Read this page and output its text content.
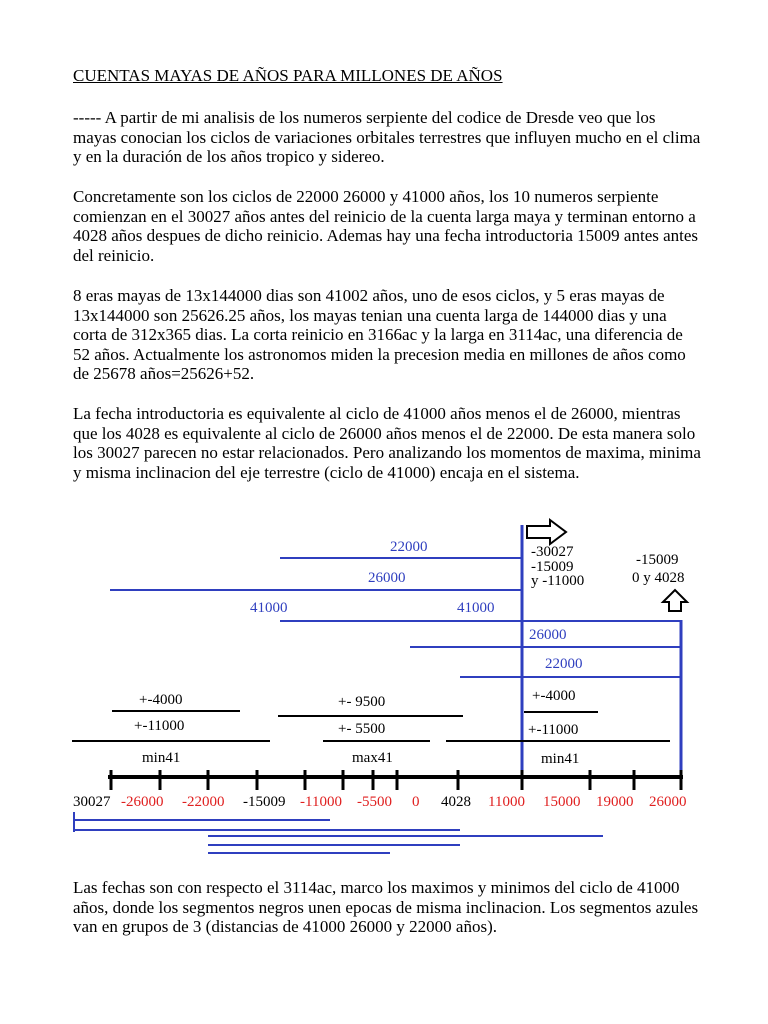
CUENTAS MAYAS DE AÑOS PARA MILLONES DE AÑOS

----- A partir de mi analisis de los numeros serpiente del codice de Dresde veo que los mayas conocian los ciclos de variaciones orbitales terrestres que influyen mucho en el clima y en la duración de los años tropico y sidereo.

Concretamente son los ciclos de 22000 26000 y 41000 años, los 10 numeros serpiente comienzan en el 30027 años antes del reinicio de la cuenta larga maya y terminan entorno a 4028 años despues de dicho reinicio. Ademas hay una fecha introductoria 15009 antes antes del reinicio.

8 eras mayas de 13x144000 dias son 41002 años, uno de esos ciclos, y 5 eras mayas de 13x144000 son 25626.25 años, los mayas tenian una cuenta larga de 144000 dias y una corta de 312x365 dias. La corta reinicio en 3166ac y la larga en 3114ac, una diferencia de 52 años. Actualmente los astronomos miden la precesion media en millones de años como de 25678 años=25626+52.

La fecha introductoria es equivalente al ciclo de 41000 años menos el de 26000, mientras que los 4028 es equivalente al ciclo de 26000 años menos el de 22000. De esta manera solo los 30027 parecen no estar relacionados. Pero analizando los momentos de maxima, minima y misma inclinacion del eje terrestre (ciclo de 41000) encaja en el sistema.

22000
26000
41000	41000
26000
22000
-30027
-15009
y -11000
-15009
0 y 4028
+-4000
+-11000
min41
+- 9500
+- 5500
max41
+-4000
+-11000
min41
30027 -26000 -22000 -15009 -11000 -5500 0 4028 11000 15000 19000 26000

Las fechas son con respecto el 3114ac, marco los maximos y minimos del ciclo de 41000 años, donde los segmentos negros unen epocas de misma inclinacion. Los segmentos azules van en grupos de 3 (distancias de 41000 26000 y 22000 años).
